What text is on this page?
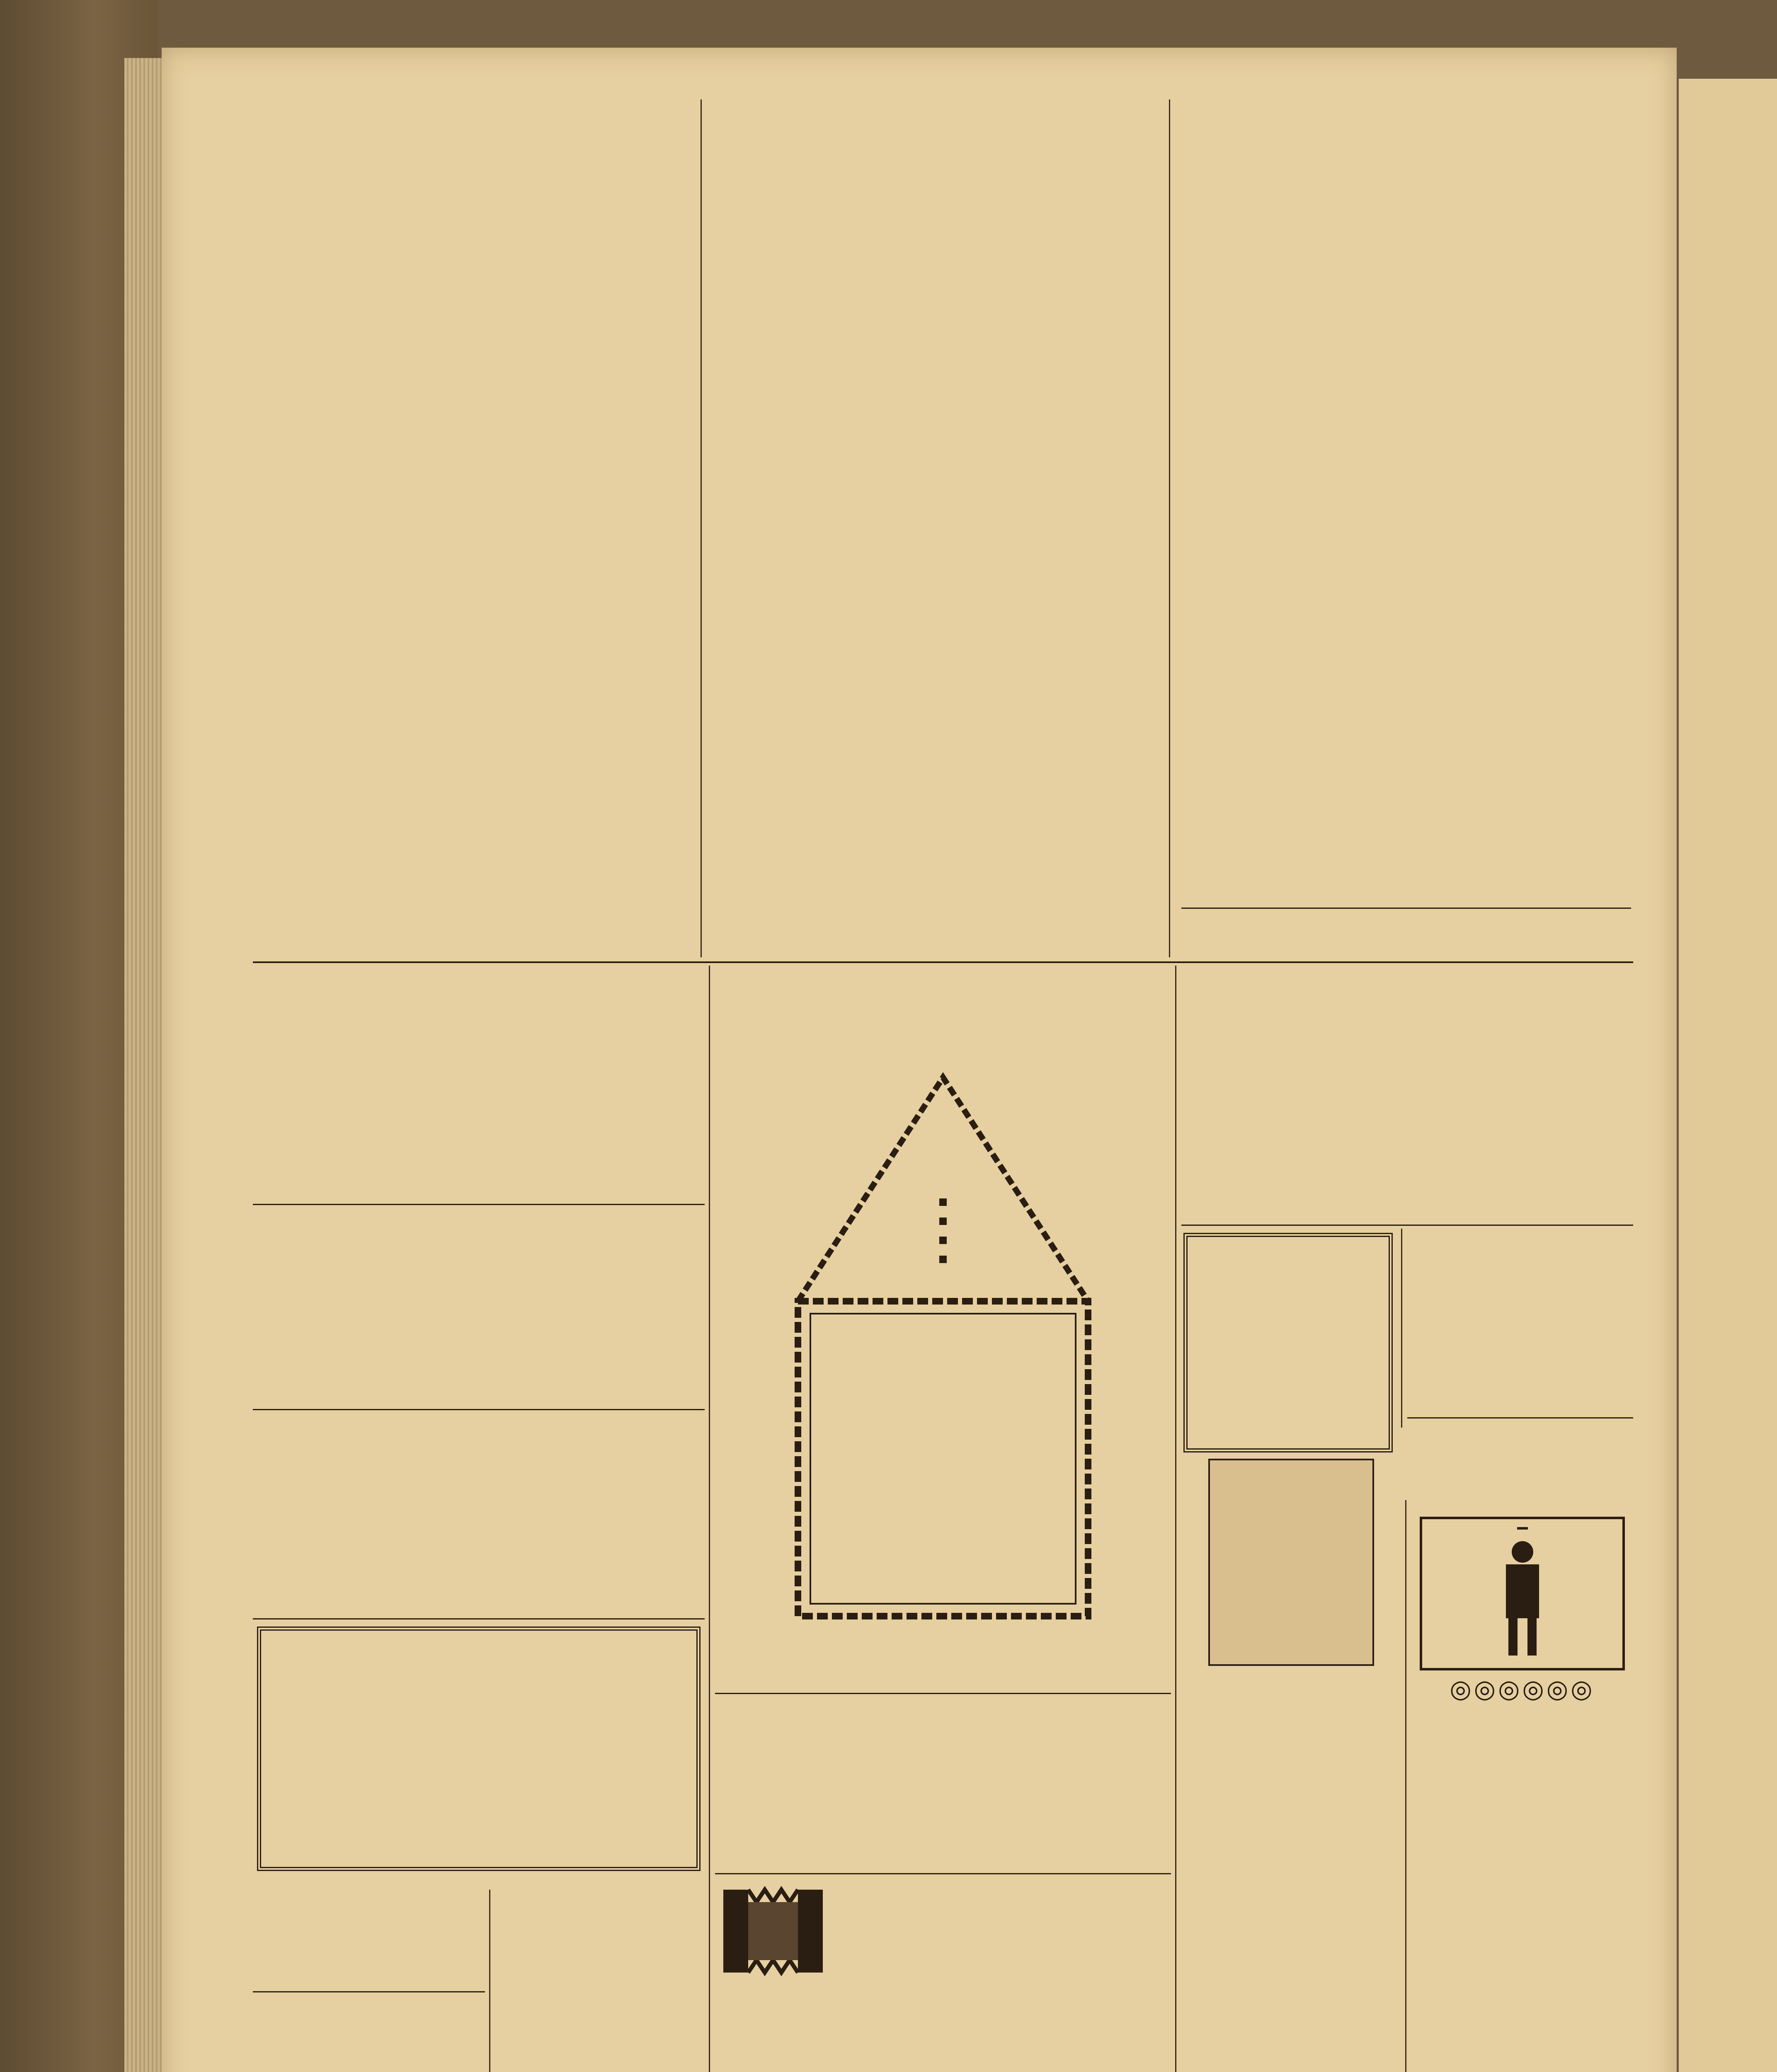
◎◎◎◎◎◎
